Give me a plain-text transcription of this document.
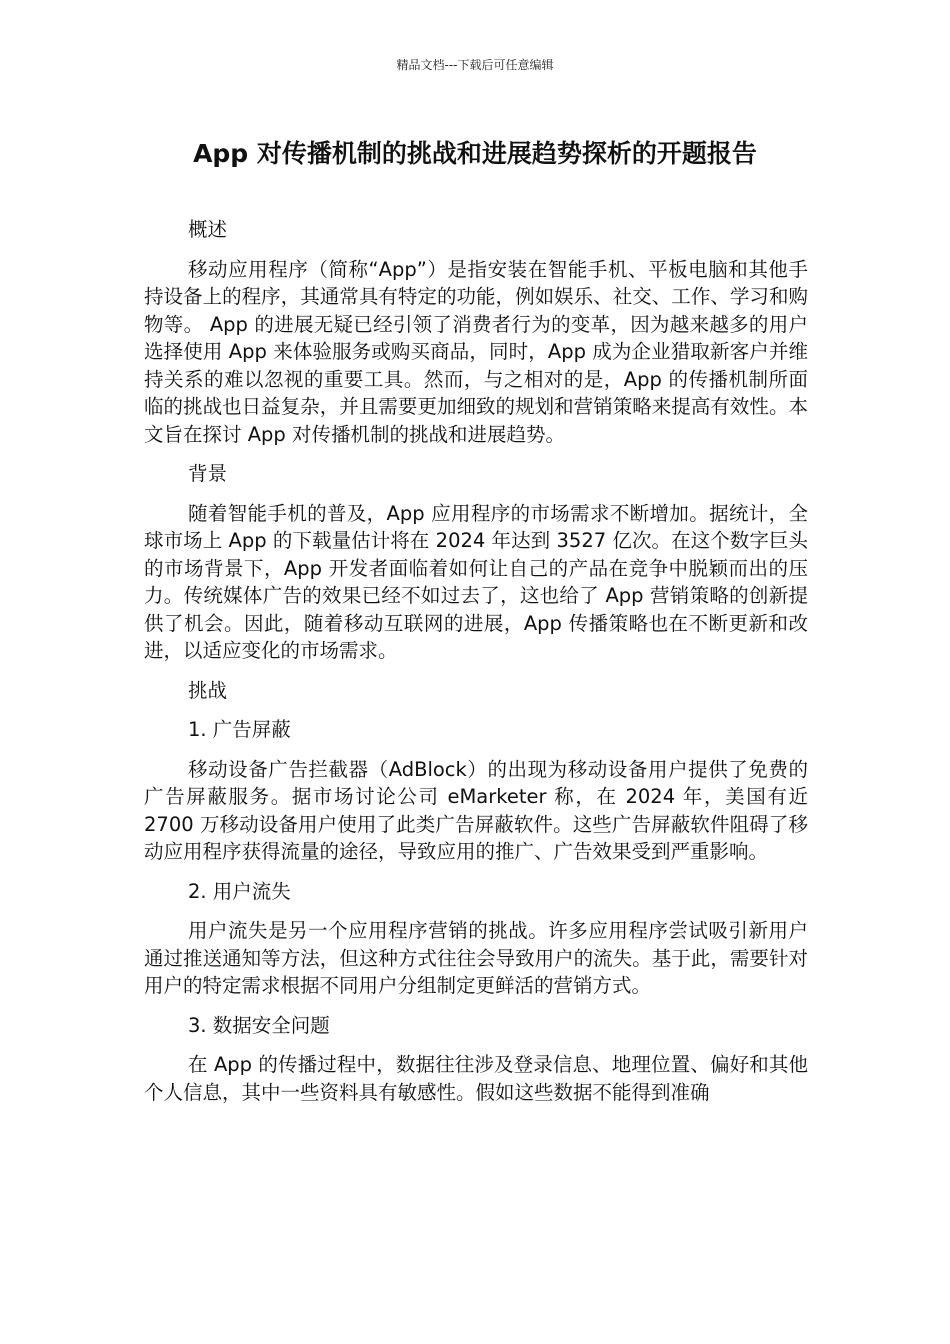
精品文档---下载后可任意编辑
App 对传播机制的挑战和进展趋势探析的开题报告

概述

移动应用程序（简称“App”）是指安装在智能手机、平板电脑和其他手持设备上的程序，其通常具有特定的功能，例如娱乐、社交、工作、学习和购物等。 App 的进展无疑已经引领了消费者行为的变革，因为越来越多的用户选择使用 App 来体验服务或购买商品，同时，App 成为企业猎取新客户并维持关系的难以忽视的重要工具。然而，与之相对的是，App 的传播机制所面临的挑战也日益复杂，并且需要更加细致的规划和营销策略来提高有效性。本文旨在探讨 App 对传播机制的挑战和进展趋势。

背景

随着智能手机的普及，App 应用程序的市场需求不断增加。据统计，全球市场上 App 的下载量估计将在 2024 年达到 3527 亿次。在这个数字巨头的市场背景下，App 开发者面临着如何让自己的产品在竞争中脱颖而出的压力。传统媒体广告的效果已经不如过去了，这也给了 App 营销策略的创新提供了机会。因此，随着移动互联网的进展，App 传播策略也在不断更新和改进，以适应变化的市场需求。

挑战

1. 广告屏蔽

移动设备广告拦截器（AdBlock）的出现为移动设备用户提供了免费的广告屏蔽服务。据市场讨论公司 eMarketer 称，在 2024 年，美国有近 2700 万移动设备用户使用了此类广告屏蔽软件。这些广告屏蔽软件阻碍了移动应用程序获得流量的途径，导致应用的推广、广告效果受到严重影响。

2. 用户流失

用户流失是另一个应用程序营销的挑战。许多应用程序尝试吸引新用户通过推送通知等方法，但这种方式往往会导致用户的流失。基于此，需要针对用户的特定需求根据不同用户分组制定更鲜活的营销方式。

3. 数据安全问题

在 App 的传播过程中，数据往往涉及登录信息、地理位置、偏好和其他个人信息，其中一些资料具有敏感性。假如这些数据不能得到准确
